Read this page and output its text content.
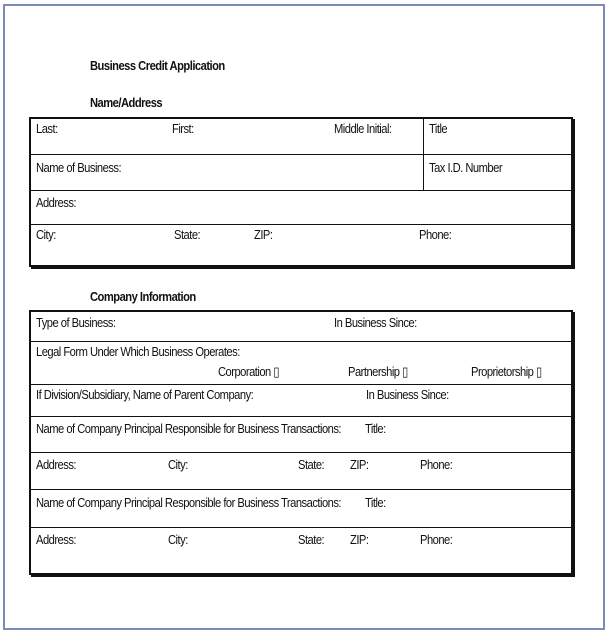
Business Credit Application
Name/Address
Last:	First:	Middle Initial:	Title
Name of Business:	Tax I.D. Number
Address:
City:	State:	ZIP:	Phone:
Company Information
Type of Business:	In Business Since:
Legal Form Under Which Business Operates:
Corporation ▯	Partnership ▯	Proprietorship ▯
If Division/Subsidiary, Name of Parent Company:	In Business Since:
Name of Company Principal Responsible for Business Transactions: Title:
Address:	City:	State: ZIP:	Phone:
Name of Company Principal Responsible for Business Transactions: Title:
Address:	City:	State: ZIP:	Phone:
